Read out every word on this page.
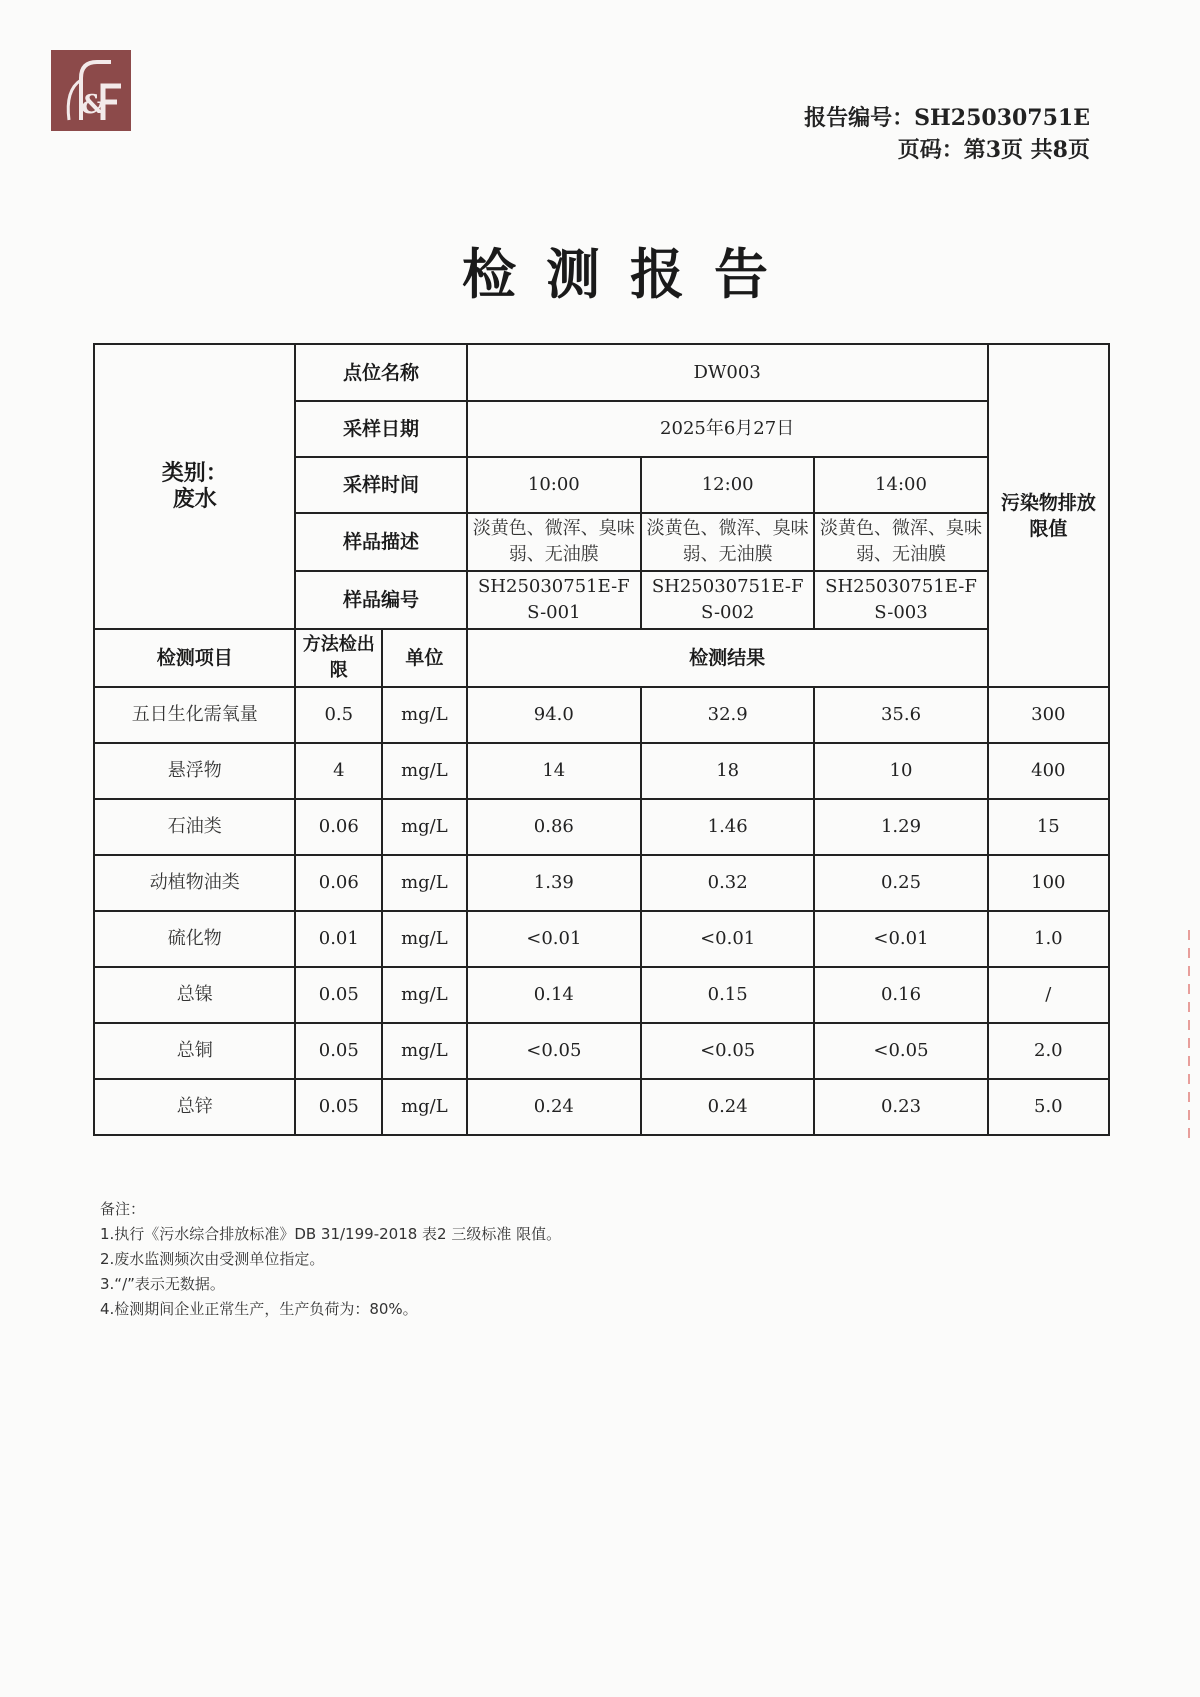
&	报告编号：SH25030751E
页码：第3页 共8页
检测报告
类别：
废水	点位名称		DW003			污染物排放限值
	采样日期		2025年6月27日			
	采样时间		10:00	12:00	14:00	
	样品描述		淡黄色、微浑、臭味弱、无油膜	淡黄色、微浑、臭味弱、无油膜	淡黄色、微浑、臭味弱、无油膜	
	样品编号		SH25030751E-FS-001	SH25030751E-FS-002	SH25030751E-FS-003	
检测项目	方法检出限	单位	检测结果			
五日生化需氧量	0.5	mg/L	94.0	32.9	35.6	300
悬浮物	4	mg/L	14	18	10	400
石油类	0.06	mg/L	0.86	1.46	1.29	15
动植物油类	0.06	mg/L	1.39	0.32	0.25	100
硫化物	0.01	mg/L	<0.01	<0.01	<0.01	1.0
总镍	0.05	mg/L	0.14	0.15	0.16	/
总铜	0.05	mg/L	<0.05	<0.05	<0.05	2.0
总锌	0.05	mg/L	0.24	0.24	0.23	5.0
备注：
1.执行《污水综合排放标准》DB 31/199-2018 表2 三级标准 限值。
2.废水监测频次由受测单位指定。
3.“/”表示无数据。
4.检测期间企业正常生产，生产负荷为：80%。
